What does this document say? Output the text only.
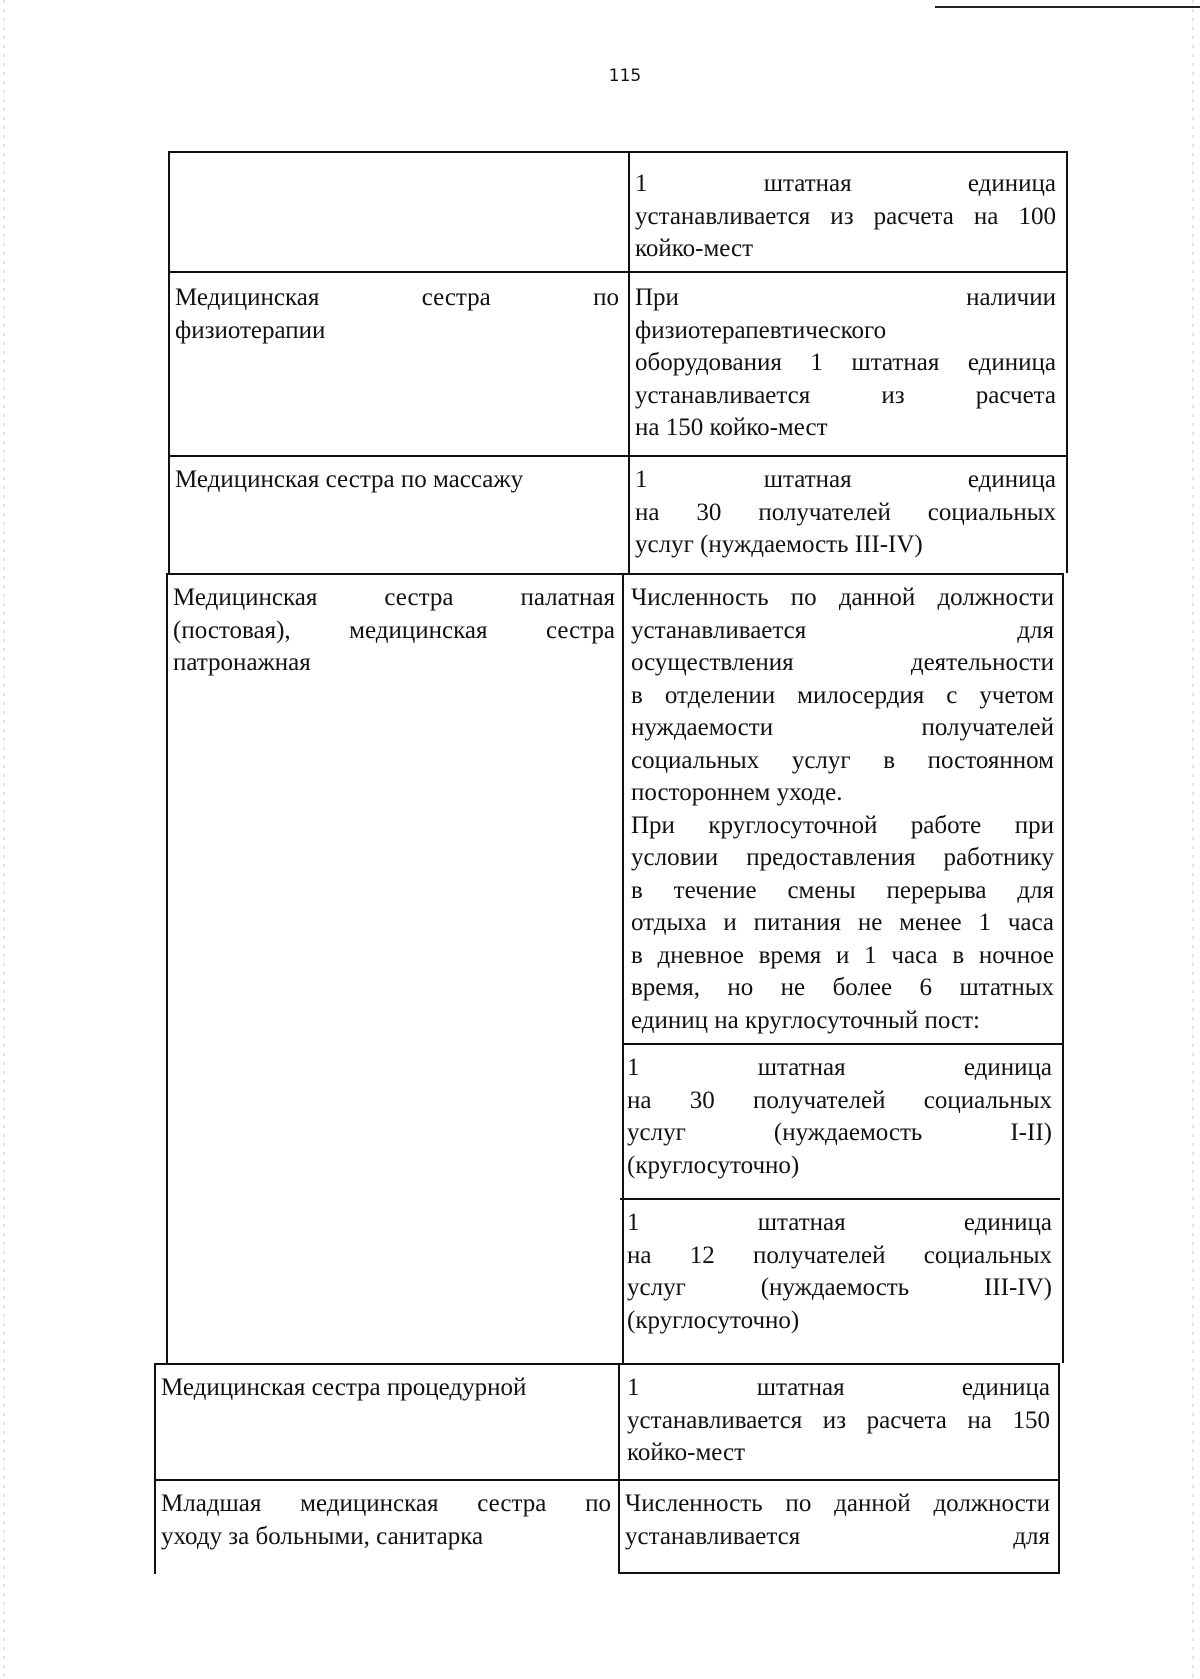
115

1 штатная единица

устанавливается из расчета на 100

койко-мест

Медицинская сестра по

физиотерапии

При наличии

физиотерапевтического

оборудования 1 штатная единица

устанавливается из расчета

на 150 койко-мест

Медицинская сестра по массажу	1 штатная единица

на 30 получателей социальных

услуг (нуждаемость III-IV)

Медицинская сестра палатная

(постовая), медицинская сестра

патронажная

Численность по данной должности

устанавливается для

осуществления деятельности

в отделении милосердия с учетом

нуждаемости получателей

социальных услуг в постоянном

постороннем уходе.

При круглосуточной работе при

условии предоставления работнику

в течение смены перерыва для

отдыха и питания не менее 1 часа

в дневное время и 1 часа в ночное

время, но не более 6 штатных

единиц на круглосуточный пост:

1 штатная единица

на 30 получателей социальных

услуг (нуждаемость I-II)

(круглосуточно)

1 штатная единица

на 12 получателей социальных

услуг (нуждаемость III-IV)

(круглосуточно)

Медицинская сестра процедурной	1 штатная единица

устанавливается из расчета на 150

койко-мест

Младшая медицинская сестра по

уходу за больными, санитарка

Численность по данной должности

устанавливается для
